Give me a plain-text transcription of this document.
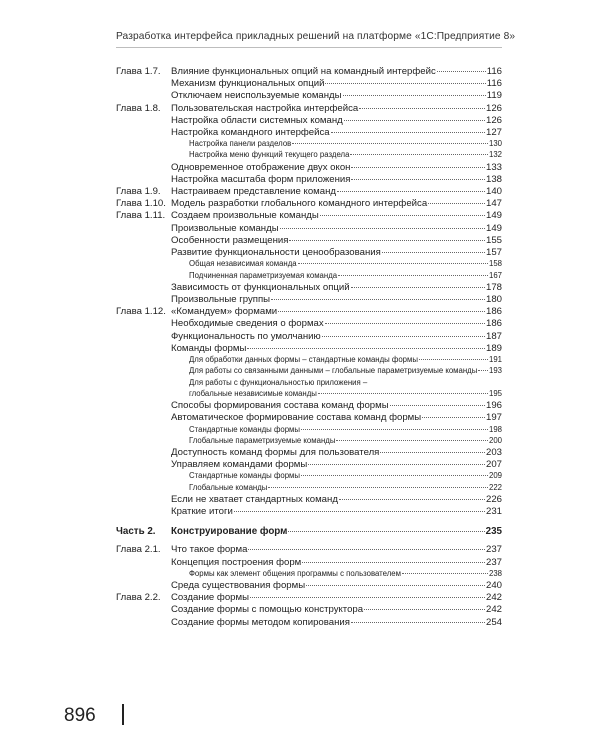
Разработка интерфейса прикладных решений на платформе «1С:Предприятие 8»
Глава 1.7. Влияние функциональных опций на командный интерфейс	116
Механизм функциональных опций	116
Отключаем неиспользуемые команды	119
Глава 1.8. Пользовательская настройка интерфейса	126
Настройка области системных команд	126
Настройка командного интерфейса	127
Настройка панели разделов	130
Настройка меню функций текущего раздела	132
Одновременное отображение двух окон	133
Настройка масштаба форм приложения	138
Глава 1.9. Настраиваем представление команд	140
Глава 1.10. Модель разработки глобального командного интерфейса	147
Глава 1.11. Создаем произвольные команды	149
Произвольные команды	149
Особенности размещения	155
Развитие функциональности ценообразования	157
Общая независимая команда	158
Подчиненная параметризуемая команда	167
Зависимость от функциональных опций	178
Произвольные группы	180
Глава 1.12. «Командуем» формами	186
Необходимые сведения о формах	186
Функциональность по умолчанию	187
Команды формы	189
Для обработки данных формы – стандартные команды формы	191
Для работы со связанными данными – глобальные параметризуемые команды 193
Для работы с функциональностью приложения –
глобальные независимые команды	195
Способы формирования состава команд формы	196
Автоматическое формирование состава команд формы	197
Стандартные команды формы	198
Глобальные параметризуемые команды	200
Доступность команд формы для пользователя	203
Управляем командами формы	207
Стандартные команды формы	209
Глобальные команды	222
Если не хватает стандартных команд	226
Краткие итоги	231
Часть 2. Конструирование форм	235
Глава 2.1. Что такое форма	237
Концепция построения форм	237
Формы как элемент общения программы с пользователем	238
Среда существования формы	240
Глава 2.2. Создание формы	242
Создание формы с помощью конструктора	242
Создание формы методом копирования	254
896
